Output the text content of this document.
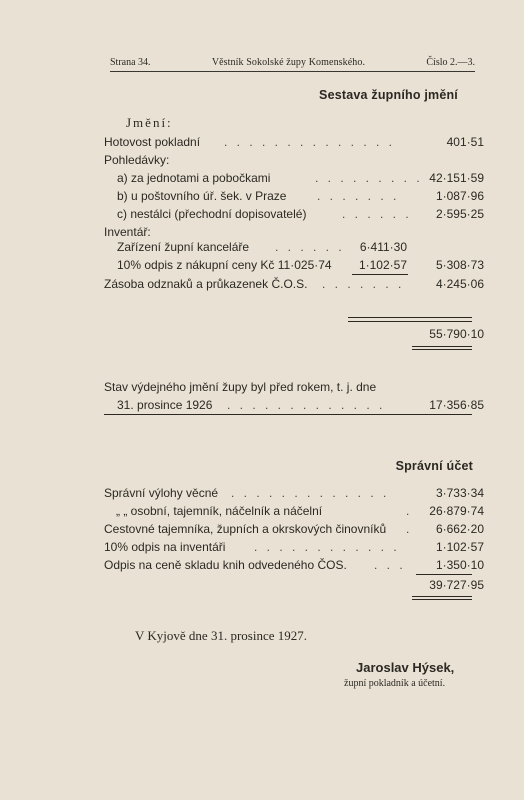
Strana 34.	Věstník Sokolské župy Komenského.	Číslo 2.—3.
Sestava župního jmění
Jmění:
Hotovost pokladní . . . . . . . . . . . . . .	401·51
Pohledávky:
a) za jednotami a pobočkami	. . . . . . . . . 42·151·59
b) u poštovního úř. šek. v Praze	. . . . . . .	1·087·96
c) nestálci (přechodní dopisovatelé)	. . . . . . 2·595·25
Inventář:
Zařízení župní kanceláře . . . . . . 6·411·30
10% odpis z nákupní ceny Kč 11·025·74	1·102·57 5·308·73
Zásoba odznaků a průkazenek Č.O.S. . . . . . . .	4·245·06
55·790·10
Stav výdejného jmění župy byl před rokem, t. j. dne
31. prosince 1926 . . . . . . . . . . . . .	17·356·85
Správní účet
Správní výlohy věcné . . . . . . . . . . . . .	3·733·34
„ „ osobní, tajemník, náčelník a náčelní	. 26·879·74
Cestovné tajemníka, župních a okrskových činovníků . 6·662·20
10% odpis na inventáři . . . . . . . . . . . .	1·102·57
Odpis na ceně skladu knih odvedeného ČOS. . . .	1·350·10
39·727·95
V Kyjově dne 31. prosince 1927.
Jaroslav Hýsek,
župní pokladník a účetní.
